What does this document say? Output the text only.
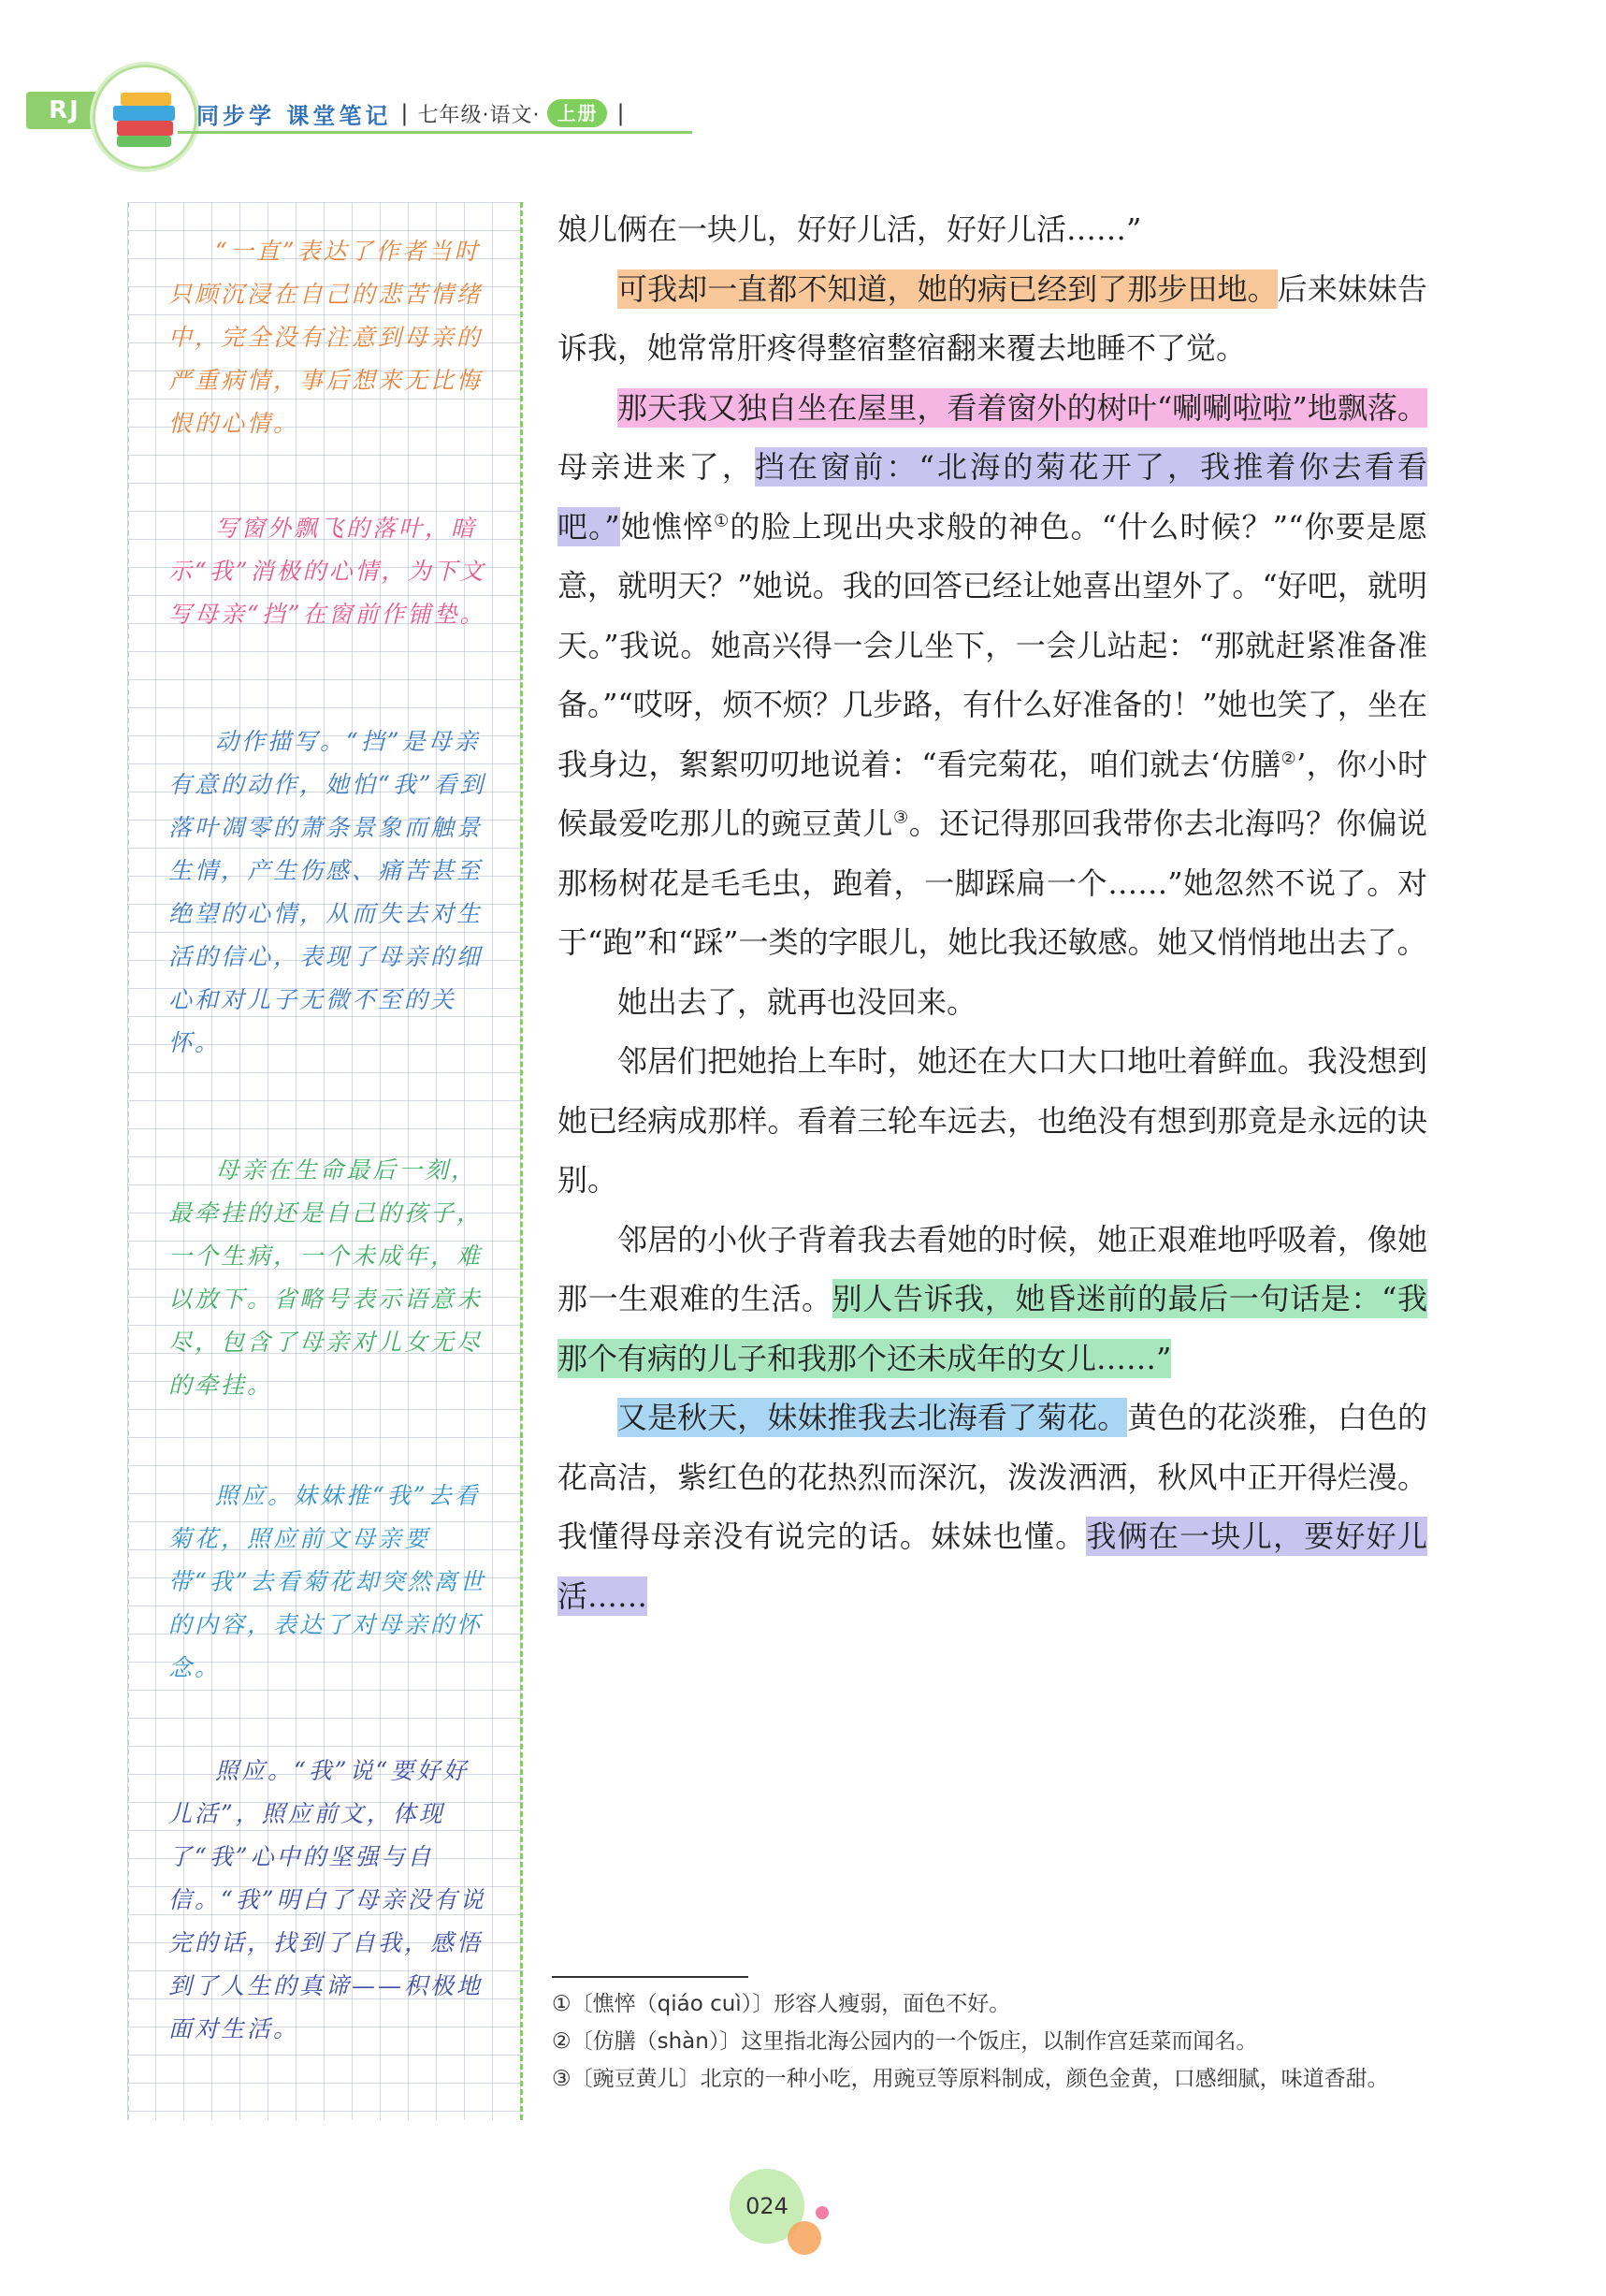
RJ	同步学 课堂笔记 | 七年级·语文· 上册 |

“一直”表达了作者当时只顾沉浸在自己的悲苦情绪中，完全没有注意到母亲的严重病情，事后想来无比悔恨的心情。

写窗外飘飞的落叶，暗示“我”消极的心情，为下文写母亲“挡”在窗前作铺垫。

动作描写。“挡”是母亲有意的动作，她怕“我”看到落叶凋零的萧条景象而触景生情，产生伤感、痛苦甚至绝望的心情，从而失去对生活的信心，表现了母亲的细心和对儿子无微不至的关怀。

母亲在生命最后一刻，最牵挂的还是自己的孩子，一个生病，一个未成年，难以放下。省略号表示语意未尽，包含了母亲对儿女无尽的牵挂。

照应。妹妹推“我”去看菊花，照应前文母亲要带“我”去看菊花却突然离世的内容，表达了对母亲的怀念。

照应。“我”说“要好好儿活”，照应前文，体现了“我”心中的坚强与自信。“我”明白了母亲没有说完的话，找到了自我，感悟到了人生的真谛——积极地面对生活。

娘儿俩在一块儿，好好儿活，好好儿活……”

可我却一直都不知道，她的病已经到了那步田地。后来妹妹告诉我，她常常肝疼得整宿整宿翻来覆去地睡不了觉。

那天我又独自坐在屋里，看着窗外的树叶“唰唰啦啦”地飘落。母亲进来了，挡在窗前：“北海的菊花开了，我推着你去看看吧。”她憔悴①的脸上现出央求般的神色。“什么时候？”“你要是愿意，就明天？”她说。我的回答已经让她喜出望外了。“好吧，就明天。”我说。她高兴得一会儿坐下，一会儿站起：“那就赶紧准备准备。”“哎呀，烦不烦？几步路，有什么好准备的！”她也笑了，坐在我身边，絮絮叨叨地说着：“看完菊花，咱们就去‘仿膳②’，你小时候最爱吃那儿的豌豆黄儿③。还记得那回我带你去北海吗？你偏说那杨树花是毛毛虫，跑着，一脚踩扁一个……”她忽然不说了。对于“跑”和“踩”一类的字眼儿，她比我还敏感。她又悄悄地出去了。

她出去了，就再也没回来。

邻居们把她抬上车时，她还在大口大口地吐着鲜血。我没想到她已经病成那样。看着三轮车远去，也绝没有想到那竟是永远的诀别。

邻居的小伙子背着我去看她的时候，她正艰难地呼吸着，像她那一生艰难的生活。别人告诉我，她昏迷前的最后一句话是：“我那个有病的儿子和我那个还未成年的女儿……”

又是秋天，妹妹推我去北海看了菊花。黄色的花淡雅，白色的花高洁，紫红色的花热烈而深沉，泼泼洒洒，秋风中正开得烂漫。我懂得母亲没有说完的话。妹妹也懂。我俩在一块儿，要好好儿活……

①〔憔悴（qiáo cuì）〕形容人瘦弱，面色不好。

②〔仿膳（shàn）〕这里指北海公园内的一个饭庄，以制作宫廷菜而闻名。

③〔豌豆黄儿〕北京的一种小吃，用豌豆等原料制成，颜色金黄，口感细腻，味道香甜。

024
